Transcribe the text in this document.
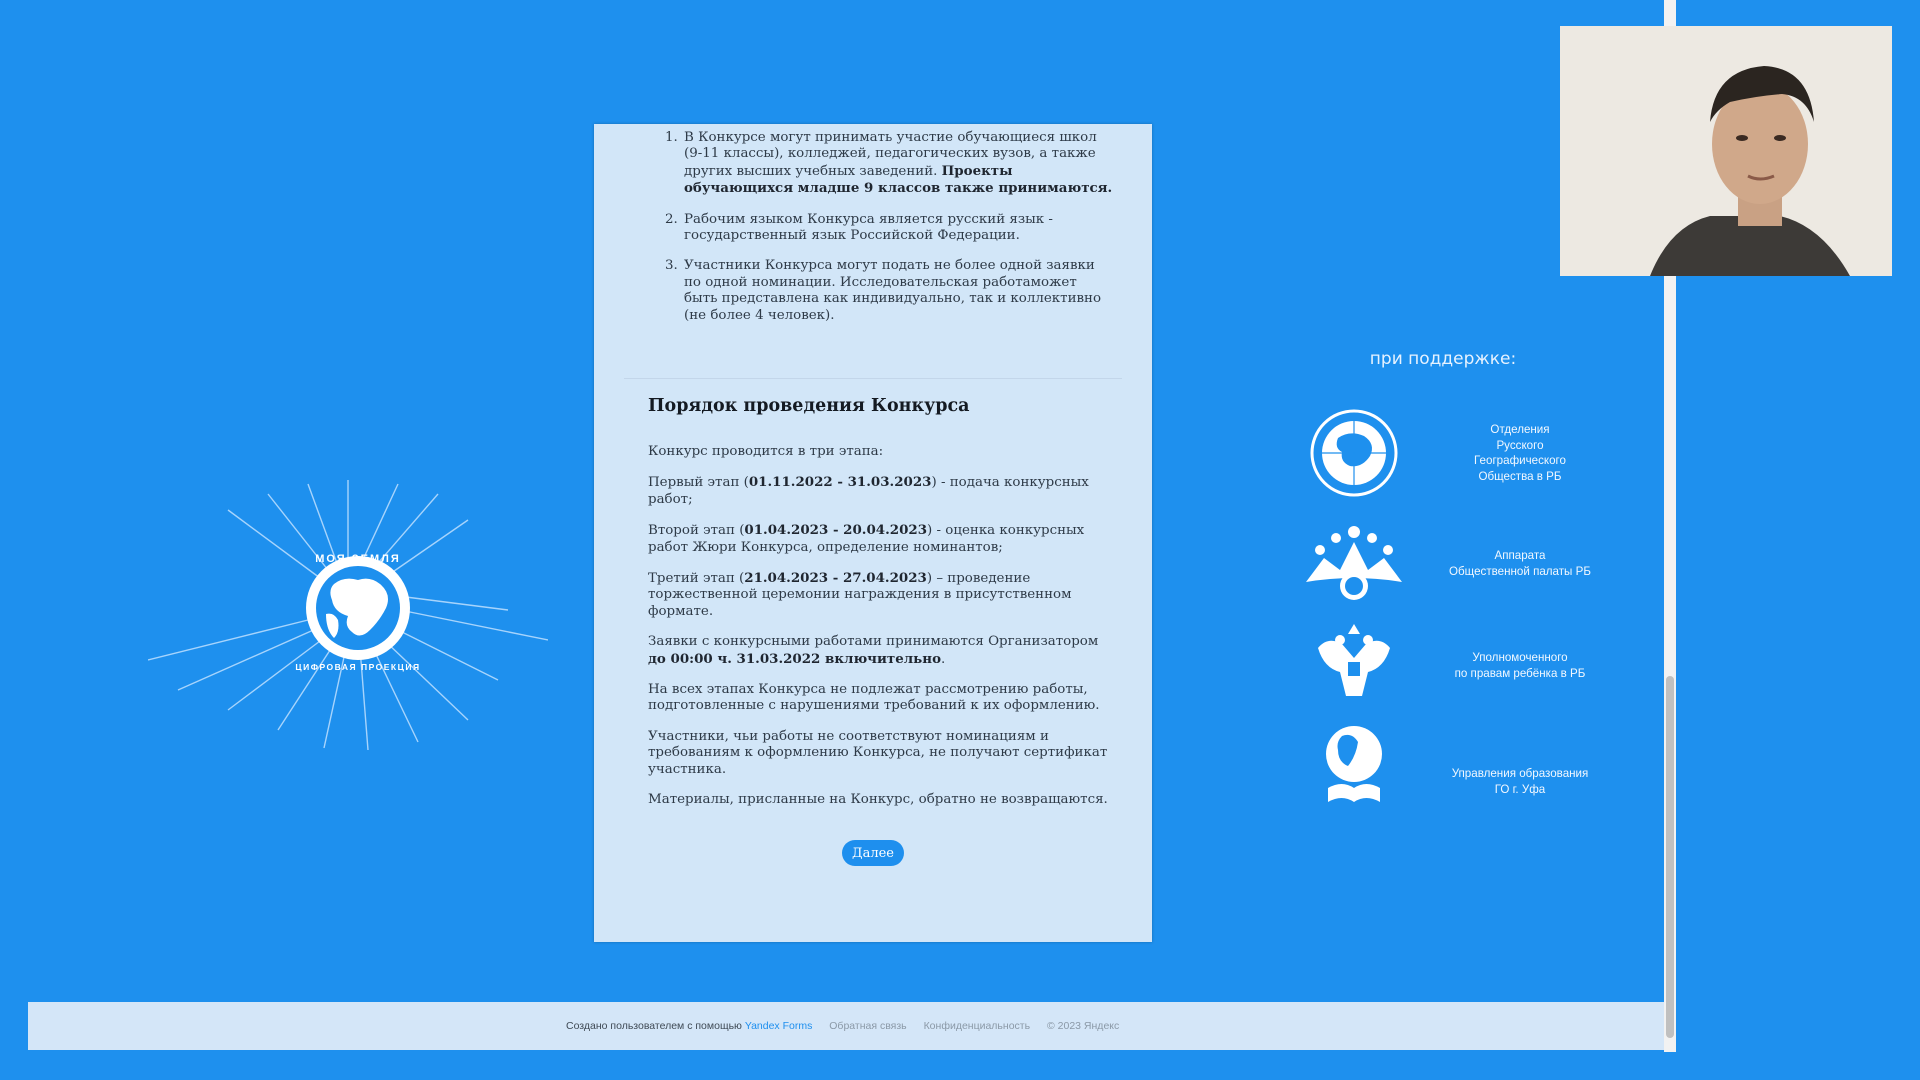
МОЯ ЗЕМЛЯ
ЦИФРОВАЯ ПРОЕКЦИЯ
1. В Конкурсе могут принимать участие обучающиеся школ (9-11 классы), колледжей, педагогических вузов, а также других высших учебных заведений. Проекты обучающихся младше 9 классов также принимаются.
2. Рабочим языком Конкурса является русский язык - государственный язык Российской Федерации.
3. Участники Конкурса могут подать не более одной заявки по одной номинации. Исследовательская работаможет быть представлена как индивидуально, так и коллективно (не более 4 человек).
Порядок проведения Конкурса

Конкурс проводится в три этапа:

Первый этап (01.11.2022 - 31.03.2023) - подача конкурсных работ;

Второй этап (01.04.2023 - 20.04.2023) - оценка конкурсных работ Жюри Конкурса, определение номинантов;

Третий этап (21.04.2023 - 27.04.2023) – проведение торжественной церемонии награждения в присутственном формате.

Заявки с конкурсными работами принимаются Организатором до 00:00 ч. 31.03.2022 включительно.

На всех этапах Конкурса не подлежат рассмотрению работы, подготовленные с нарушениями требований к их оформлению.

Участники, чьи работы не соответствуют номинациям и требованиям к оформлению Конкурса, не получают сертификат участника.

Материалы, присланные на Конкурс, обратно не возвращаются.

Далее
при поддержке:
Отделения
Русского
Географического
Общества в РБ
Аппарата
Общественной палаты РБ
Уполномоченного
по правам ребёнка в РБ
Управления образования
ГО г. Уфа
Создано пользователем с помощью Yandex Forms Обратная связь Конфиденциальность © 2023 Яндекс
